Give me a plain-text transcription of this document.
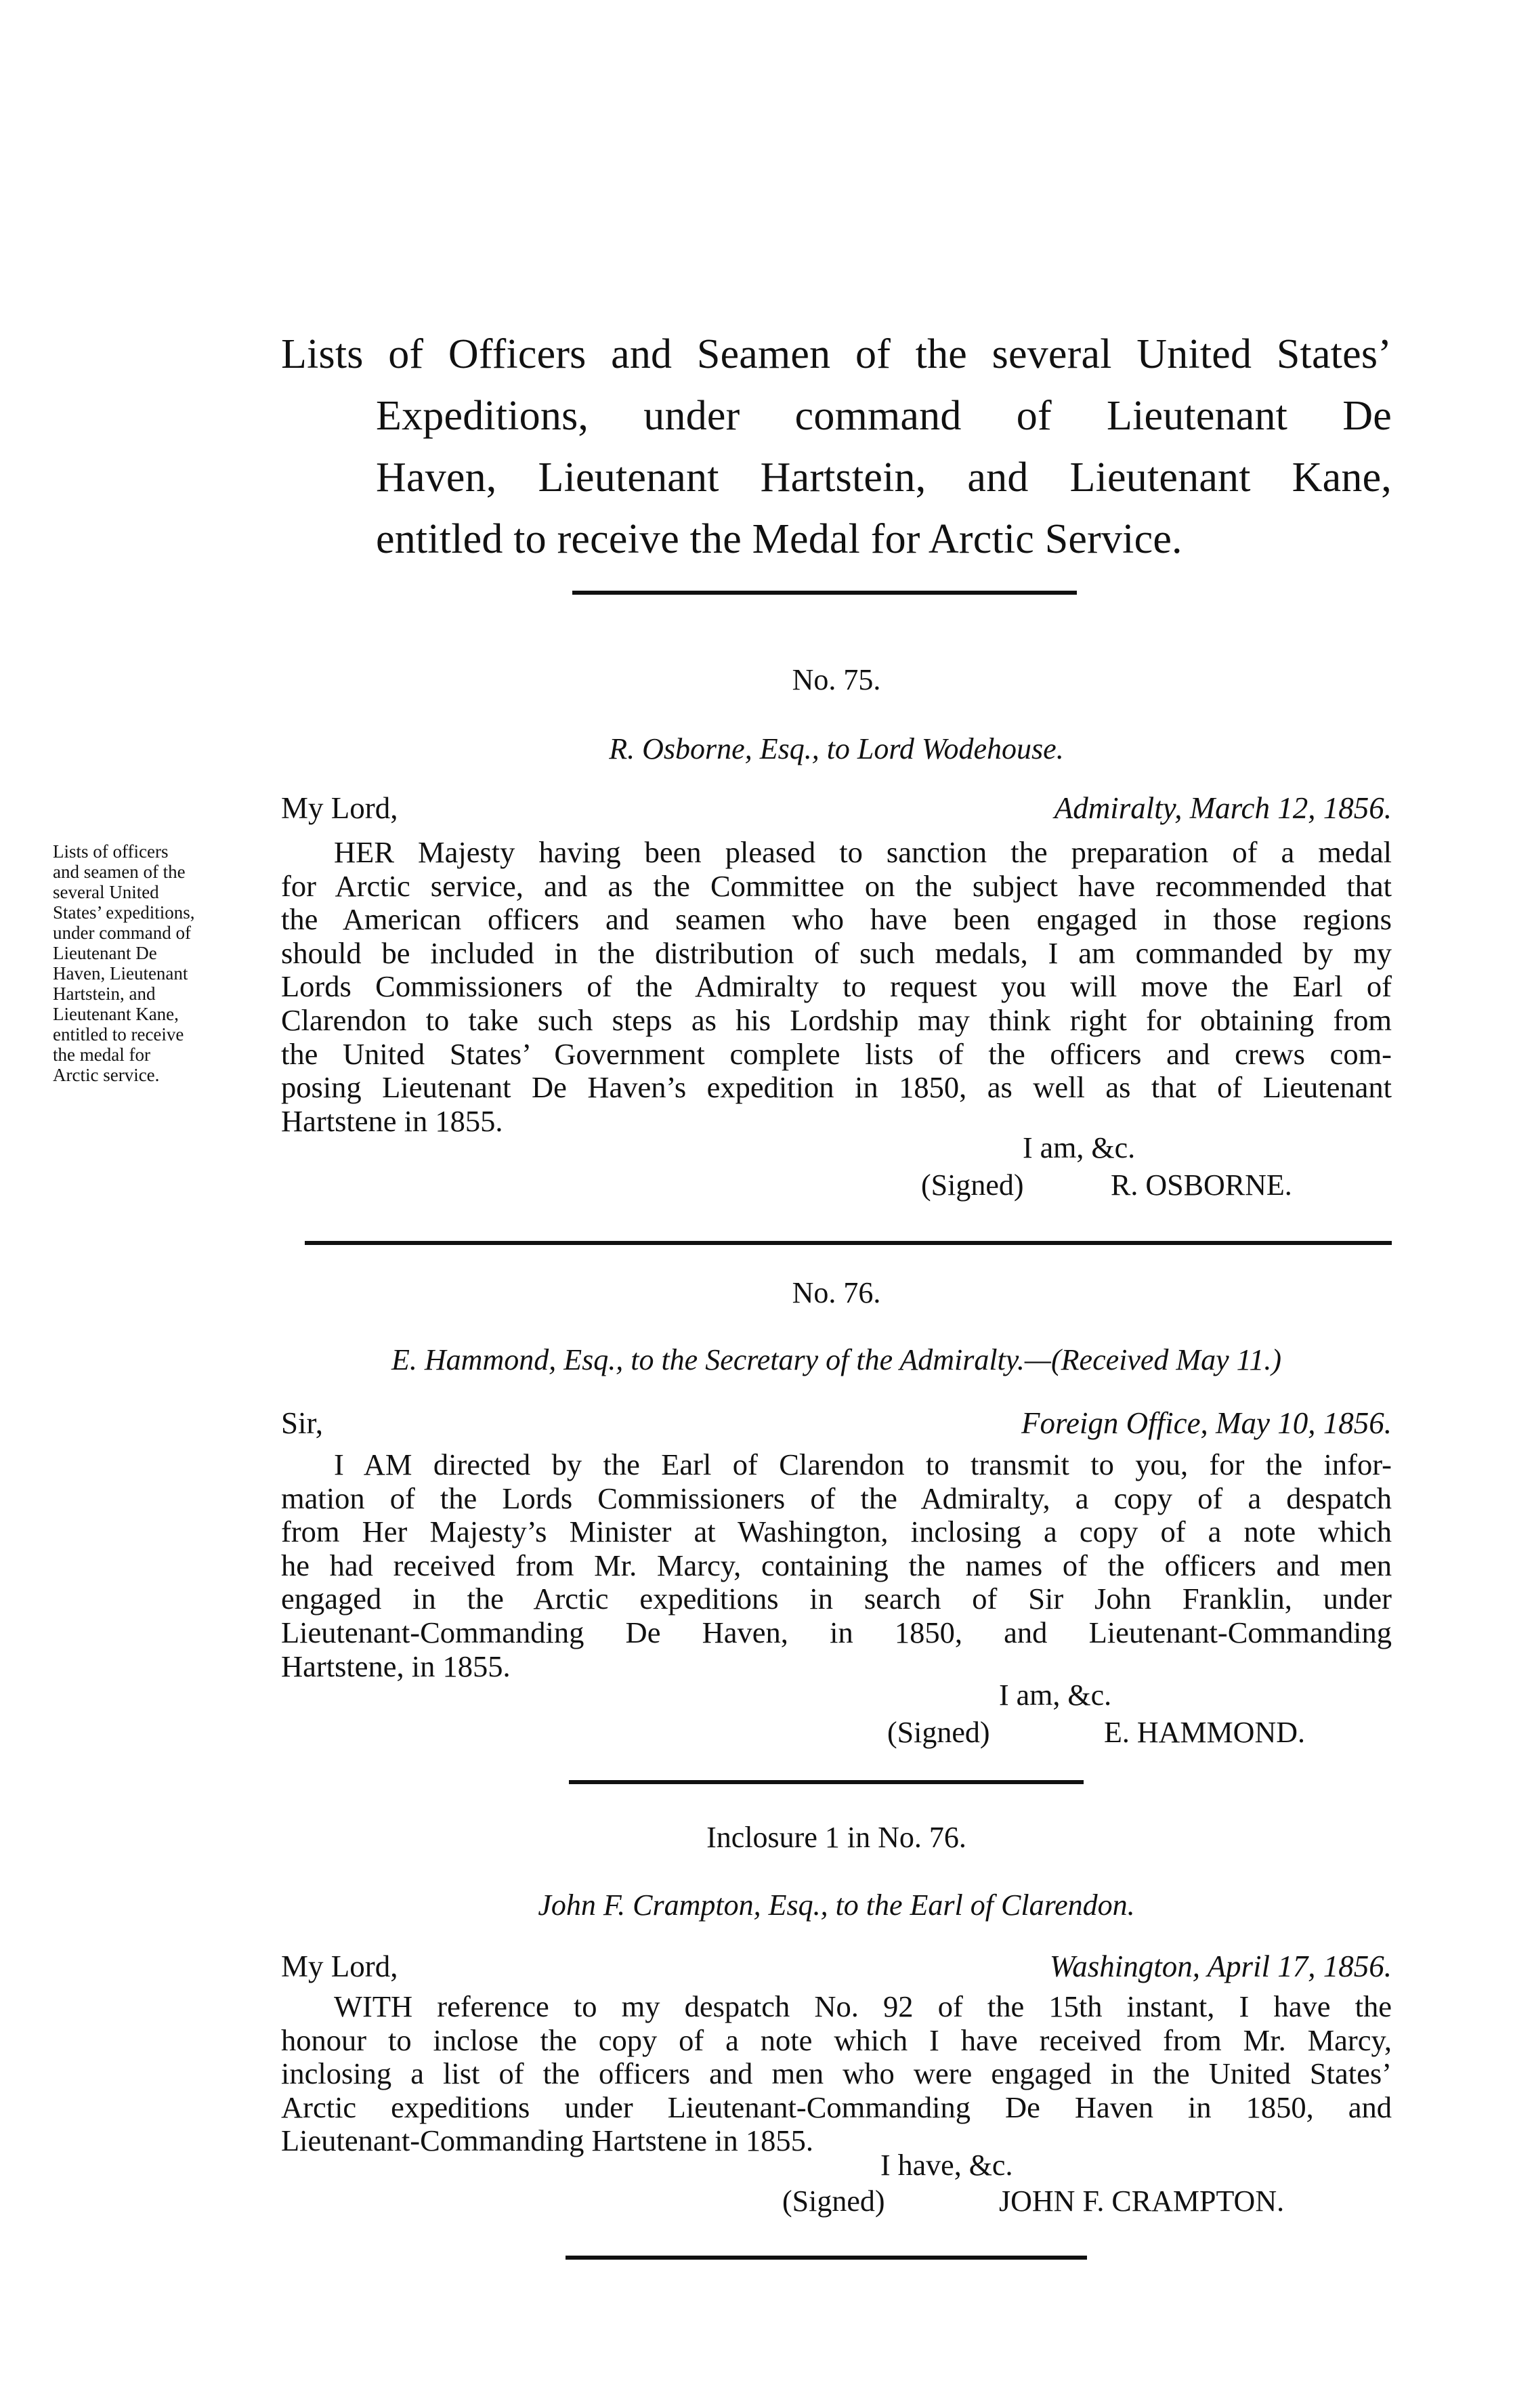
Lists of Officers and Seamen of the several United States’
Expeditions, under command of Lieutenant De
Haven, Lieutenant Hartstein, and Lieutenant Kane,
entitled to receive the Medal for Arctic Service.
No. 75.
R. Osborne, Esq., to Lord Wodehouse.
My Lord,	Admiralty, March 12, 1856.
Lists of officers
and seamen of the
several United
States’ expeditions,
under command of
Lieutenant De
Haven, Lieutenant
Hartstein, and
Lieutenant Kane,
entitled to receive
the medal for
Arctic service.
HER Majesty having been pleased to sanction the preparation of a medal
for Arctic service, and as the Committee on the subject have recommended that
the American officers and seamen who have been engaged in those regions
should be included in the distribution of such medals, I am commanded by my
Lords Commissioners of the Admiralty to request you will move the Earl of
Clarendon to take such steps as his Lordship may think right for obtaining from
the United States’ Government complete lists of the officers and crews com-
posing Lieutenant De Haven’s expedition in 1850, as well as that of Lieutenant
Hartstene in 1855.
I am, &c.
(Signed)	R. OSBORNE.
No. 76.
E. Hammond, Esq., to the Secretary of the Admiralty.—(Received May 11.)
Sir,	Foreign Office, May 10, 1856.
I AM directed by the Earl of Clarendon to transmit to you, for the infor-
mation of the Lords Commissioners of the Admiralty, a copy of a despatch
from Her Majesty’s Minister at Washington, inclosing a copy of a note which
he had received from Mr. Marcy, containing the names of the officers and men
engaged in the Arctic expeditions in search of Sir John Franklin, under
Lieutenant-Commanding De Haven, in 1850, and Lieutenant-Commanding
Hartstene, in 1855.
I am, &c.
(Signed)	E. HAMMOND.
Inclosure 1 in No. 76.
John F. Crampton, Esq., to the Earl of Clarendon.
My Lord,	Washington, April 17, 1856.
WITH reference to my despatch No. 92 of the 15th instant, I have the
honour to inclose the copy of a note which I have received from Mr. Marcy,
inclosing a list of the officers and men who were engaged in the United States’
Arctic expeditions under Lieutenant-Commanding De Haven in 1850, and
Lieutenant-Commanding Hartstene in 1855.
I have, &c.
(Signed)	JOHN F. CRAMPTON.
